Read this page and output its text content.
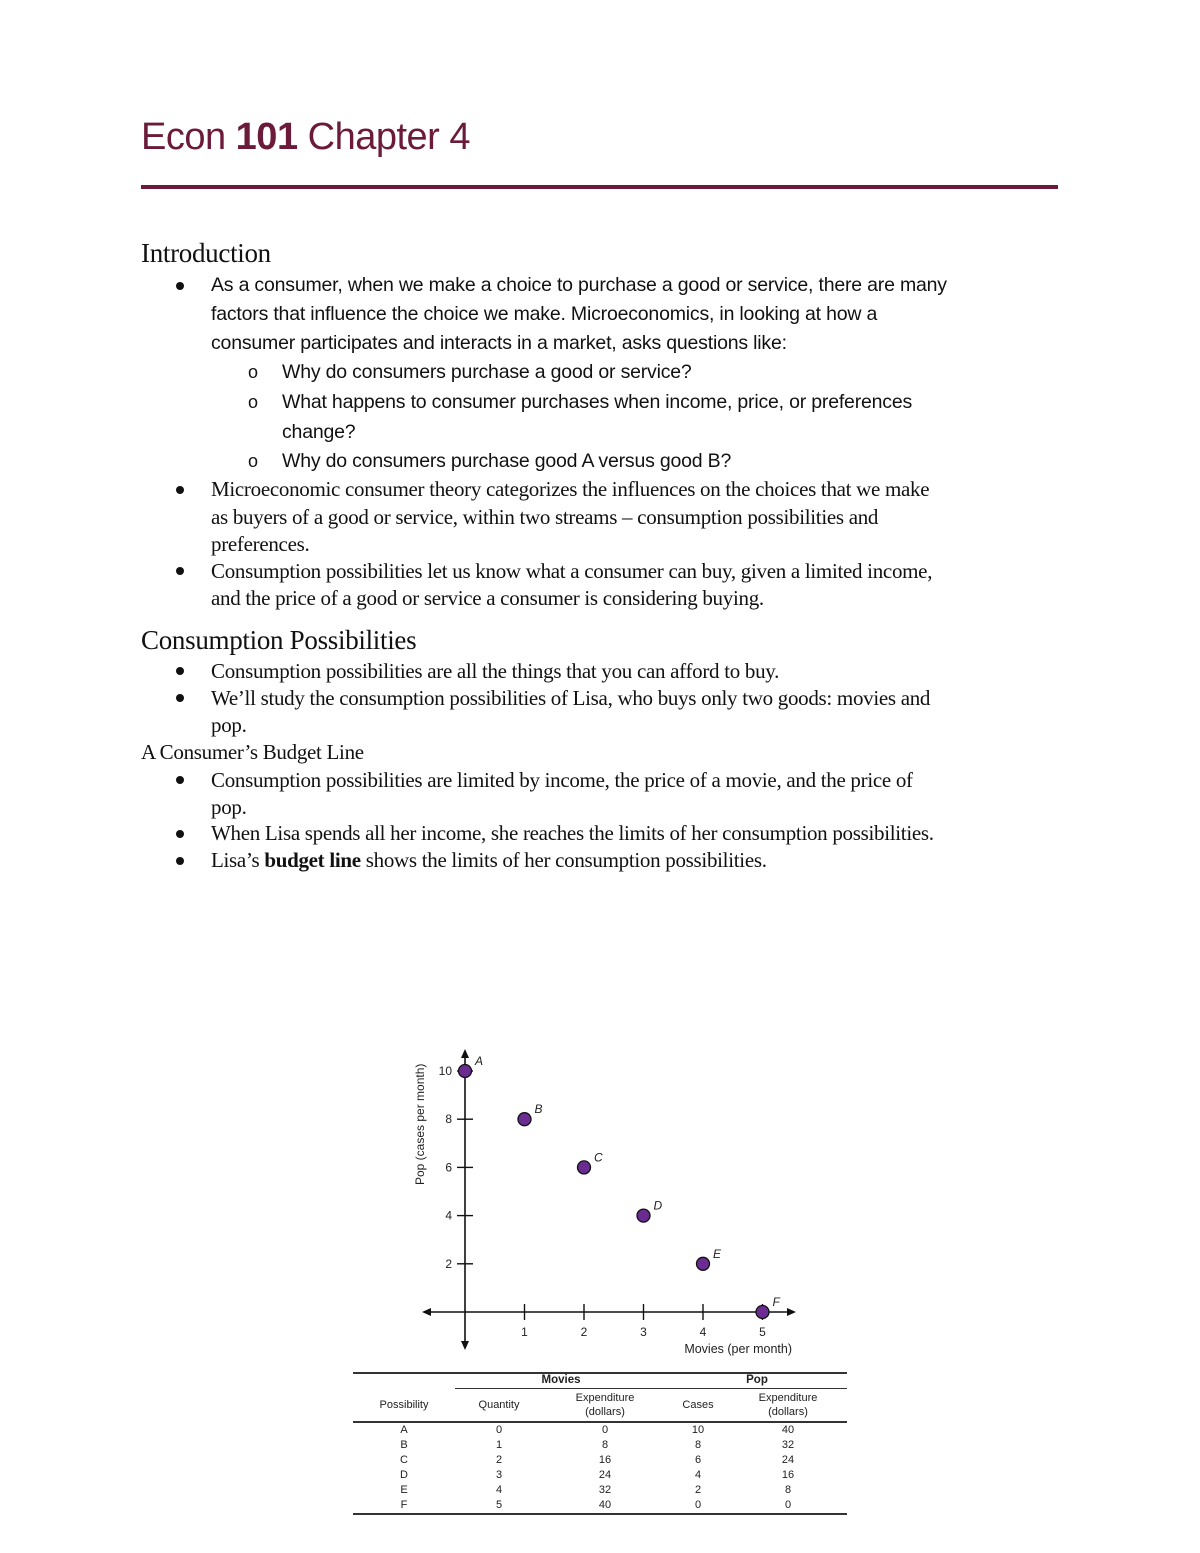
Econ 101 Chapter 4
Introduction
As a consumer, when we make a choice to purchase a good or service, there are many
factors that influence the choice we make. Microeconomics, in looking at how a
consumer participates and interacts in a market, asks questions like:
o Why do consumers purchase a good or service?
o What happens to consumer purchases when income, price, or preferences
change?
o Why do consumers purchase good A versus good B?
Microeconomic consumer theory categorizes the influences on the choices that we make
as buyers of a good or service, within two streams – consumption possibilities and
preferences.
Consumption possibilities let us know what a consumer can buy, given a limited income,
and the price of a good or service a consumer is considering buying.
Consumption Possibilities
Consumption possibilities are all the things that you can afford to buy.
We’ll study the consumption possibilities of Lisa, who buys only two goods: movies and
pop.
A Consumer’s Budget Line
Consumption possibilities are limited by income, the price of a movie, and the price of
pop.
When Lisa spends all her income, she reaches the limits of her consumption possibilities.
Lisa’s budget line shows the limits of her consumption possibilities.
1	2	3	4	5
2
4
6
8
10
A
B
C
D
E
F
Pop (cases per month)
Movies (per month)
	Movies		Pop	
Possibility	Quantity	Expenditure
(dollars)	Cases	Expenditure
(dollars)
A	0	0	10	40
B	1	8	8	32
C	2	16	6	24
D	3	24	4	16
E	4	32	2	8
F	5	40	0	0
